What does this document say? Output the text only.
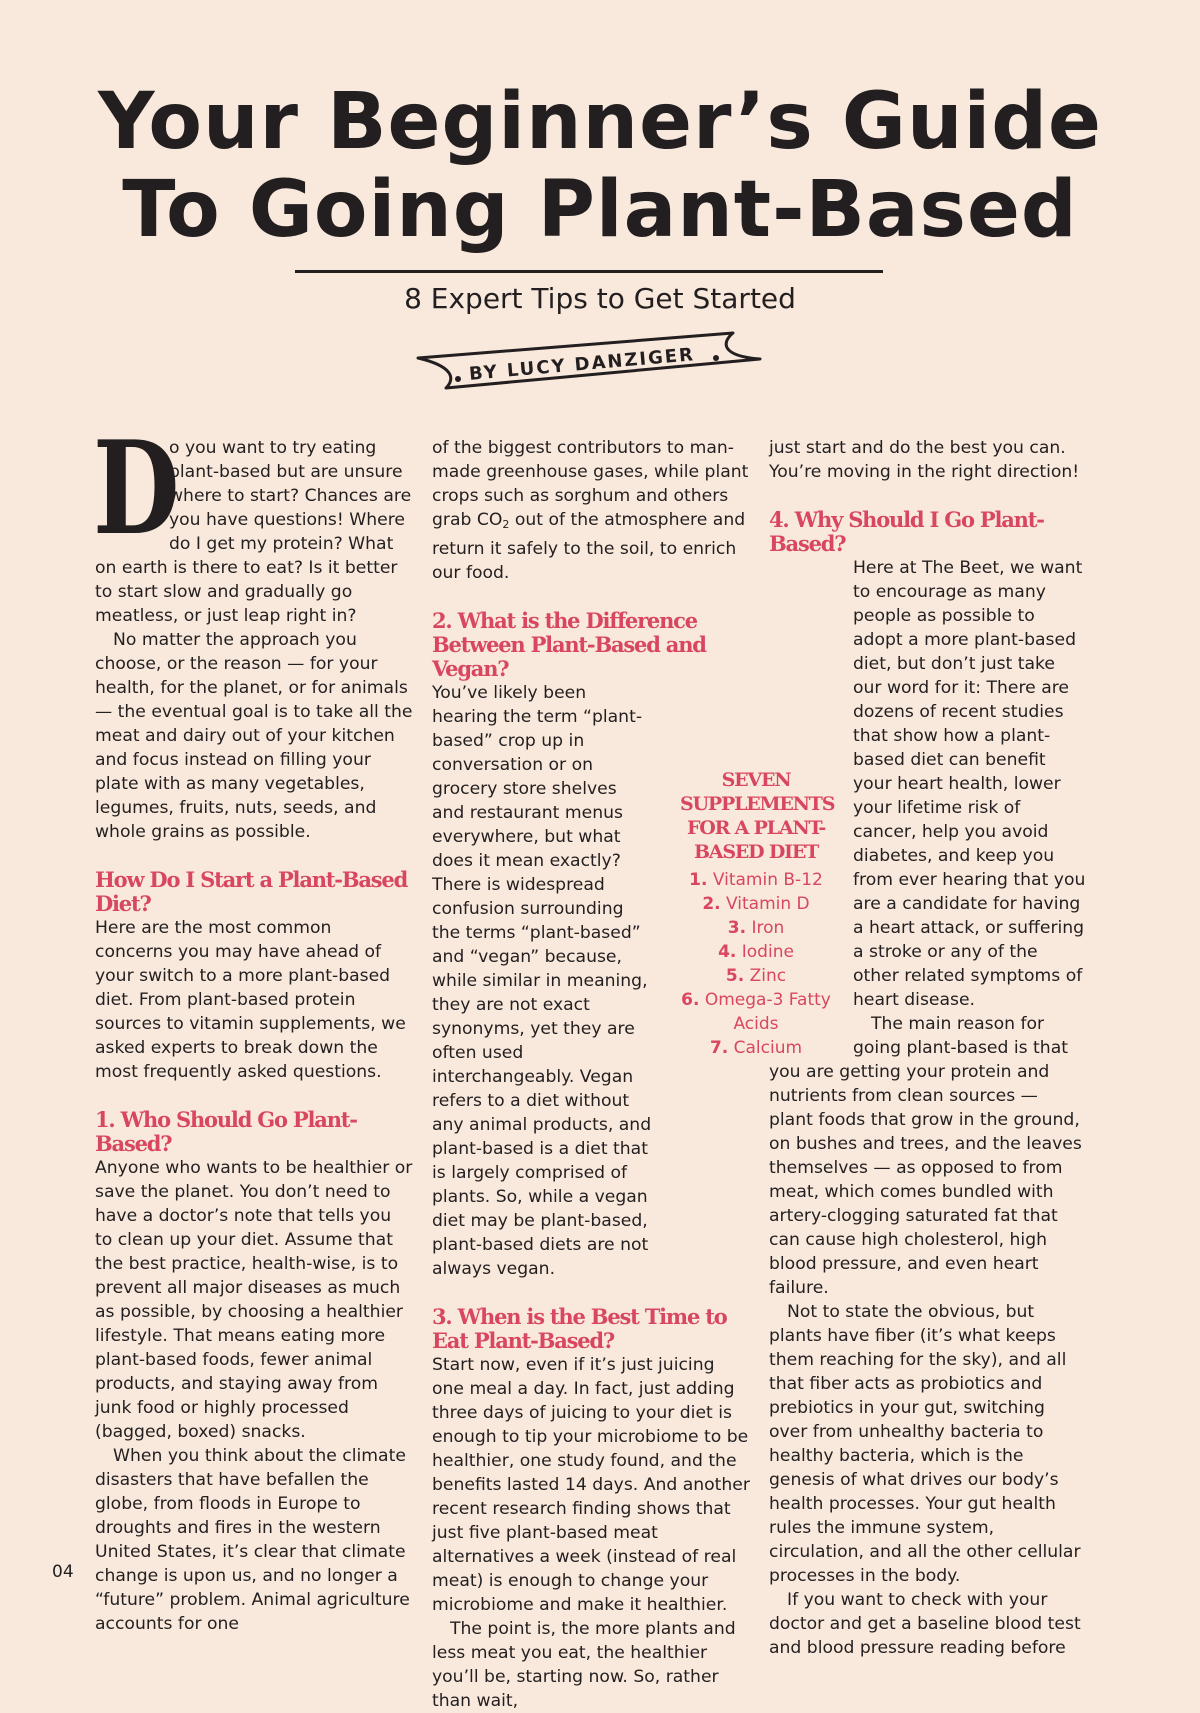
Your Beginner’s Guide
To Going Plant-Based
8 Expert Tips to Get Started
BY LUCY DANZIGER

D
o you want to try eating plant-based but are unsure where to start? Chances are you have questions! Where do I get my protein? What on earth is there to eat? Is it better to start slow and gradually go meatless, or just leap right in?

No matter the approach you choose, or the reason — for your health, for the planet, or for animals — the eventual goal is to take all the meat and dairy out of your kitchen and focus instead on filling your plate with as many vegetables, legumes, fruits, nuts, seeds, and whole grains as possible.

How Do I Start a Plant-Based Diet?

Here are the most common concerns you may have ahead of your switch to a more plant-based diet. From plant-based protein sources to vitamin supplements, we asked experts to break down the most frequently asked questions.

1. Who Should Go Plant-Based?

Anyone who wants to be healthier or save the planet. You don’t need to have a doctor’s note that tells you to clean up your diet. Assume that the best practice, health-wise, is to prevent all major diseases as much as possible, by choosing a healthier lifestyle. That means eating more plant-based foods, fewer animal products, and staying away from junk food or highly processed (bagged, boxed) snacks.

When you think about the climate disasters that have befallen the globe, from floods in Europe to droughts and fires in the western United States, it’s clear that climate change is upon us, and no longer a “future” problem. Animal agriculture accounts for one

of the biggest contributors to man-made greenhouse gases, while plant crops such as sorghum and others grab $CO_2$ out of the atmosphere and return it safely to the soil, to enrich our food.

2. What is the Difference Between Plant-Based and Vegan?

You’ve likely been hearing the term “plant-based” crop up in conversation or on grocery store shelves and restaurant menus everywhere, but what does it mean exactly?

There is widespread confusion surrounding the terms “plant-based” and “vegan” because, while similar in meaning, they are not exact synonyms, yet they are often used interchangeably. Vegan refers to a diet without any animal products, and plant-based is a diet that is largely comprised of plants. So, while a vegan diet may be plant-based, plant-based diets are not always vegan.

3. When is the Best Time to Eat Plant-Based?

Start now, even if it’s just juicing one meal a day. In fact, just adding three days of juicing to your diet is enough to tip your microbiome to be healthier, one study found, and the benefits lasted 14 days. And another recent research finding shows that just five plant-based meat alternatives a week (instead of real meat) is enough to change your microbiome and make it healthier.

The point is, the more plants and less meat you eat, the healthier you’ll be, starting now. So, rather than wait,

SEVEN SUPPLEMENTS FOR A PLANT-BASED DIET
1. Vitamin B-12
2. Vitamin D
3. Iron
4. Iodine
5. Zinc
6. Omega-3 Fatty Acids
7. Calcium

just start and do the best you can. You’re moving in the right direction!

4. Why Should I Go Plant-Based?

Here at The Beet, we want to encourage as many people as possible to adopt a more plant-based diet, but don’t just take our word for it: There are dozens of recent studies that show how a plant-based diet can benefit your heart health, lower your lifetime risk of cancer, help you avoid diabetes, and keep you from ever hearing that you are a candidate for having a heart attack, or suffering a stroke or any of the other related symptoms of heart disease.

The main reason for going plant-based is that you are getting your protein and nutrients from clean sources — plant foods that grow in the ground, on bushes and trees, and the leaves themselves — as opposed to from meat, which comes bundled with artery-clogging saturated fat that can cause high cholesterol, high blood pressure, and even heart failure.

Not to state the obvious, but plants have fiber (it’s what keeps them reaching for the sky), and all that fiber acts as probiotics and prebiotics in your gut, switching over from unhealthy bacteria to healthy bacteria, which is the genesis of what drives our body’s health processes. Your gut health rules the immune system, circulation, and all the other cellular processes in the body.

If you want to check with your doctor and get a baseline blood test and blood pressure reading before

04
